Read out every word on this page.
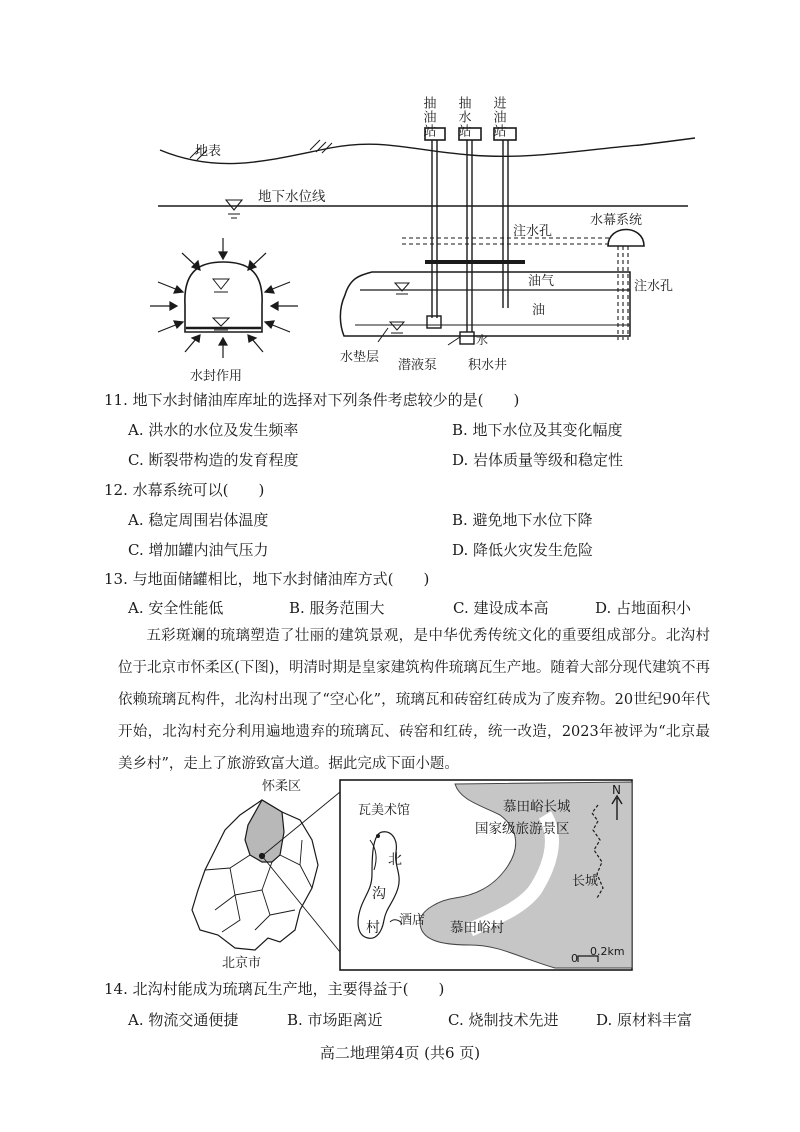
抽油站 抽水站 进油站
地表
地下水位线
水幕系统
注水孔
注水孔
油气
油
水垫层
潜液泵
水
积水井
水封作用
11. 地下水封储油库库址的选择对下列条件考虑较少的是(　　)
A. 洪水的水位及发生频率	B. 地下水位及其变化幅度
C. 断裂带构造的发育程度	D. 岩体质量等级和稳定性
12. 水幕系统可以(　　)
A. 稳定周围岩体温度	B. 避免地下水位下降
C. 增加罐内油气压力	D. 降低火灾发生危险
13. 与地面储罐相比，地下水封储油库方式(　　)
A. 安全性能低	B. 服务范围大	C. 建设成本高	D. 占地面积小
五彩斑斓的琉璃塑造了壮丽的建筑景观，是中华优秀传统文化的重要组成部分。北沟村位于北京市怀柔区(下图)，明清时期是皇家建筑构件琉璃瓦生产地。随着大部分现代建筑不再依赖琉璃瓦构件，北沟村出现了“空心化”，琉璃瓦和砖窑红砖成为了废弃物。20世纪90年代开始，北沟村充分利用遍地遗弃的琉璃瓦、砖窑和红砖，统一改造，2023年被评为“北京最美乡村”，走上了旅游致富大道。据此完成下面小题。
怀柔区
北京市
瓦美术馆
北
沟
村 酒店
慕田峪长城
国家级旅游景区
长城
慕田峪村
N
0
0.2km
14. 北沟村能成为琉璃瓦生产地，主要得益于(　　)
A. 物流交通便捷	B. 市场距离近	C. 烧制技术先进	D. 原材料丰富
高二地理第4页 (共6 页)
